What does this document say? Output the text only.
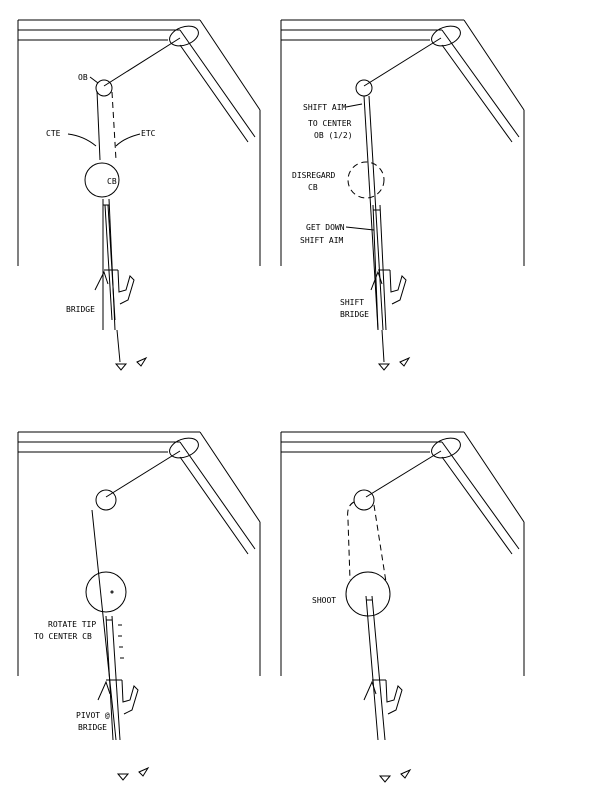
OB
CTE	ETC
CB
BRIDGE
SHIFT AIM
TO CENTER
OB (1/2)
DISREGARD
CB
GET DOWN
SHIFT AIM
SHIFT
BRIDGE
ROTATE TIP
TO CENTER CB
PIVOT @
BRIDGE
SHOOT
